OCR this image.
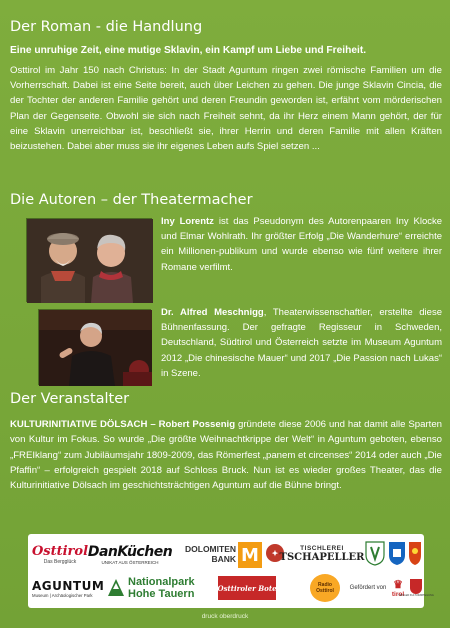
Der Roman - die Handlung
Eine unruhige Zeit, eine mutige Sklavin, ein Kampf um Liebe und Freiheit.
Osttirol im Jahr 150 nach Christus: In der Stadt Aguntum ringen zwei römische Familien um die Vorherrschaft. Dabei ist eine Seite bereit, auch über Leichen zu gehen. Die junge Sklavin Cincia, die der Tochter der anderen Familie gehört und deren Freundin geworden ist, erfährt vom mörderischen Plan der Gegenseite. Obwohl sie sich nach Freiheit sehnt, da ihr Herz einem Mann gehört, der für eine Sklavin unerreichbar ist, beschließt sie, ihrer Herrin und deren Familie mit allen Kräften beizustehen. Dabei aber muss sie ihr eigenes Leben aufs Spiel setzen ...
Die Autoren – der Theatermacher
Iny Lorentz ist das Pseudonym des Autorenpaaren Iny Klocke und Elmar Wohlrath. Ihr größter Erfolg „Die Wanderhure“ erreichte ein Millionen-publikum und wurde ebenso wie fünf weitere ihrer Romane verfilmt.
Dr. Alfred Meschnigg, Theaterwissenschaftler, erstellte diese Bühnenfassung. Der gefragte Regisseur in Schweden, Deutschland, Südtirol und Österreich setzte im Museum Aguntum 2012 „Die chinesische Mauer“ und 2017 „Die Passion nach Lukas“ in Szene.
Der Veranstalter
KULTURINITIATIVE DÖLSACH – Robert Possenig gründete diese 2006 und hat damit alle Sparten von Kultur im Fokus. So wurde „Die größte Weihnachtkrippe der Welt“ in Aguntum geboten, ebenso „FREIklang“ zum Jubiläumsjahr 1809-2009, das Römerfest „panem et circenses“ 2014 oder auch „Die Pfaffin“ – erfolgreich gespielt 2018 auf Schloss Bruck. Nun ist es wieder großes Theater, das die Kulturinitiative Dölsach im geschichtsträchtigen Aguntum auf die Bühne bringt.
Osttirol
Das Bergglück
DanKüchen
UNIKAT AUS ÖSTERREICH
DOLOMITEN
BANK M	✦	TISCHLEREI
TSCHAPELLER
AGUNTUM
Museum | Archäologischer Park
Nationalpark
Hohe Tauern	Osttiroler Bote	Radio Osttirol	Gefördert von ♛
tirol
TIROLER KULTURABTEILUNG
druck oberdruck
